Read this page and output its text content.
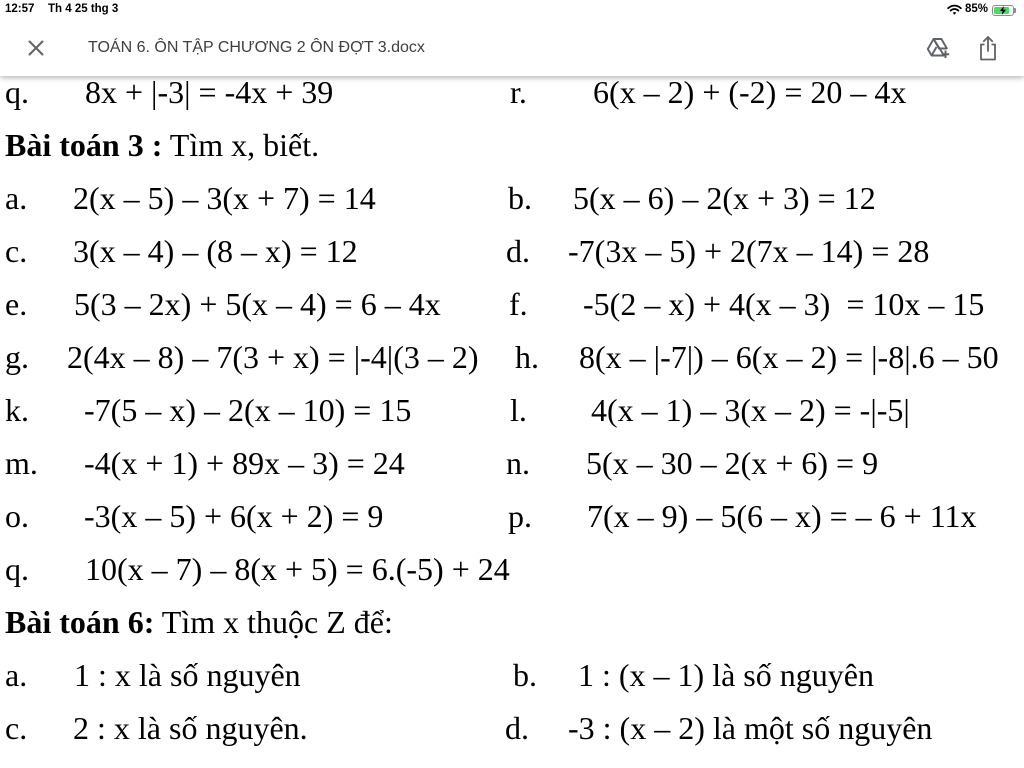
12:57 Th 4 25 thg 3	85%
TOÁN 6. ÔN TẬP CHƯƠNG 2 ÔN ĐỢT 3.docx
q. 8x + |-3| = -4x + 39	r. 6(x – 2) + (-2) = 20 – 4x
Bài toán 3 : Tìm x, biết.
a. 2(x – 5) – 3(x + 7) = 14	b. 5(x – 6) – 2(x + 3) = 12
c. 3(x – 4) – (8 – x) = 12	d. -7(3x – 5) + 2(7x – 14) = 28
e. 5(3 – 2x) + 5(x – 4) = 6 – 4x f. -5(2 – x) + 4(x – 3)  = 10x – 15
g. 2(4x – 8) – 7(3 + x) = |-4|(3 – 2) h. 8(x – |-7|) – 6(x – 2) = |-8|.6 – 50
k. -7(5 – x) – 2(x – 10) = 15	l. 4(x – 1) – 3(x – 2) = -|-5|
m. -4(x + 1) + 89x – 3) = 24	n. 5(x – 30 – 2(x + 6) = 9
o. -3(x – 5) + 6(x + 2) = 9	p. 7(x – 9) – 5(6 – x) = – 6 + 11x
q. 10(x – 7) – 8(x + 5) = 6.(-5) + 24
Bài toán 6: Tìm x thuộc Z để:
a. 1 : x là số nguyên	b. 1 : (x – 1) là số nguyên
c. 2 : x là số nguyên.	d. -3 : (x – 2) là một số nguyên
